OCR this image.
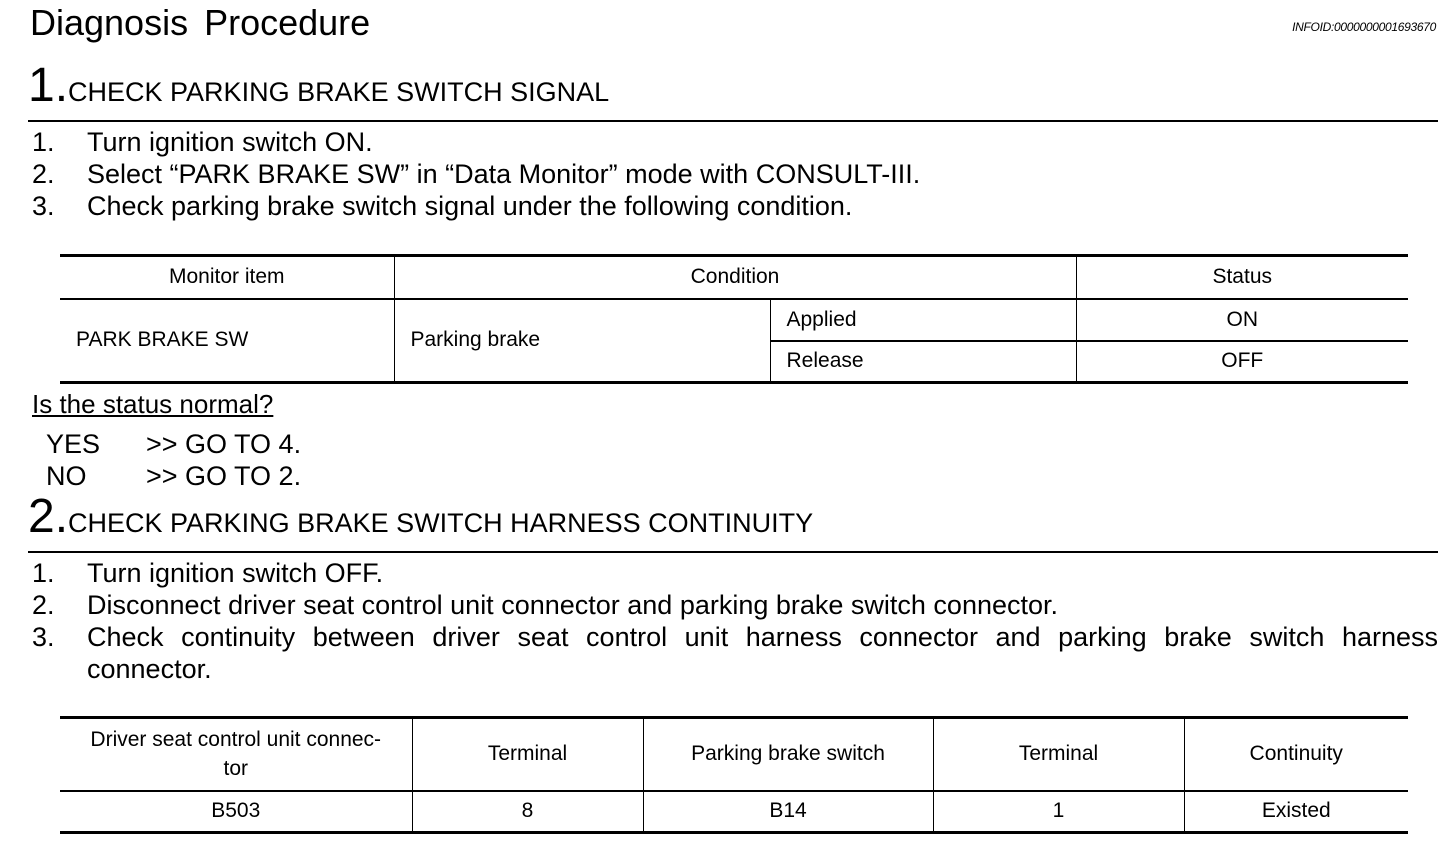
Diagnosis Procedure	INFOID:0000000001693670
1.CHECK PARKING BRAKE SWITCH SIGNAL
1. Turn ignition switch ON.
2. Select “PARK BRAKE SW” in “Data Monitor” mode with CONSULT-III.
3. Check parking brake switch signal under the following condition.
Monitor item	Condition		Status
PARK BRAKE SW	Parking brake	Applied	ON
		Release	OFF
Is the status normal?
YES >> GO TO 4.
NO >> GO TO 2.
2.CHECK PARKING BRAKE SWITCH HARNESS CONTINUITY
1. Turn ignition switch OFF.
2. Disconnect driver seat control unit connector and parking brake switch connector.
3. Check continuity between driver seat control unit harness connector and parking brake switch harness connector.
Driver seat control unit connec-
tor	Terminal	Parking brake switch	Terminal	Continuity
B503	8	B14	1	Existed
